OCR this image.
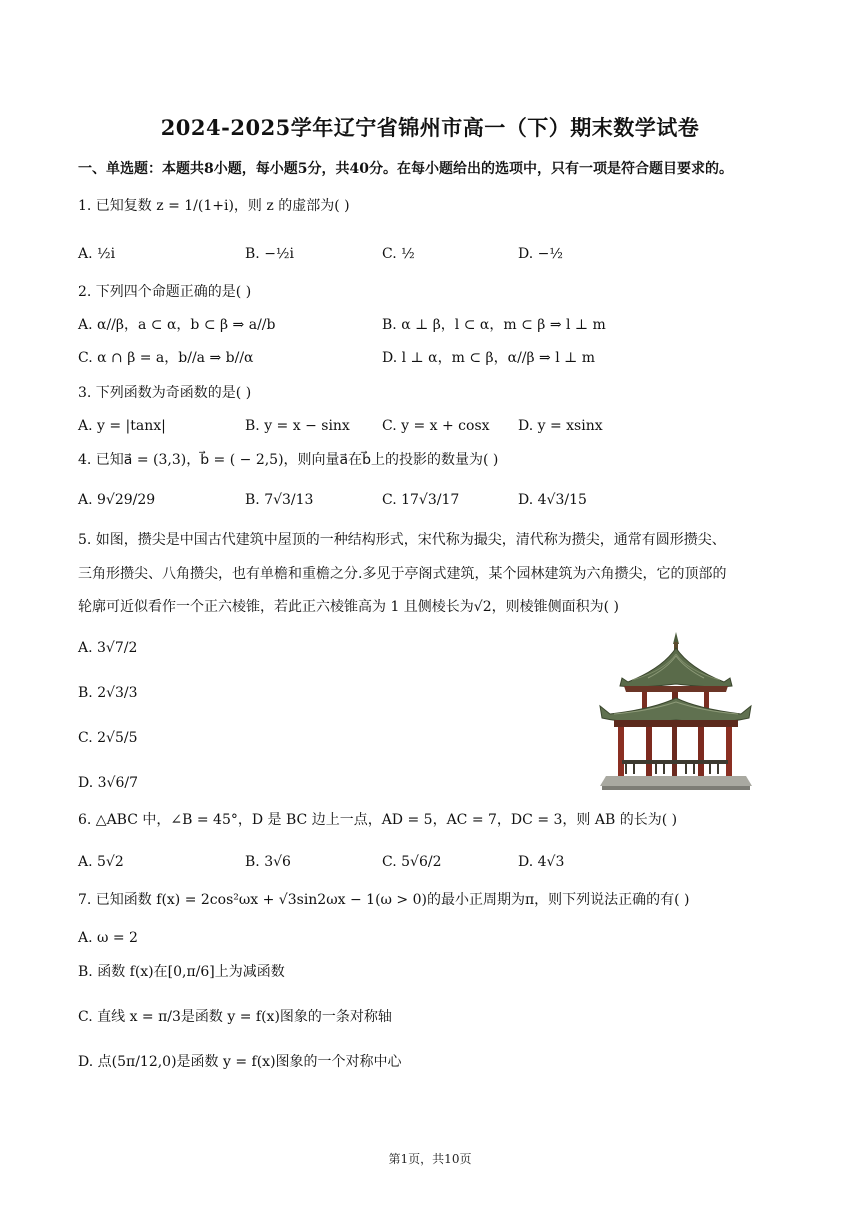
2024-2025学年辽宁省锦州市高一（下）期末数学试卷
一、单选题：本题共8小题，每小题5分，共40分。在每小题给出的选项中，只有一项是符合题目要求的。
1. 已知复数 z = 1/(1+i)，则 z 的虚部为( )
A. ½i	B. −½i	C. ½	D. −½
2. 下列四个命题正确的是( )
A. α//β，a ⊂ α，b ⊂ β ⇒ a//b	B. α ⊥ β，l ⊂ α，m ⊂ β ⇒ l ⊥ m
C. α ∩ β = a，b//a ⇒ b//α	D. l ⊥ α，m ⊂ β，α//β ⇒ l ⊥ m
3. 下列函数为奇函数的是( )
A. y = |tanx|	B. y = x − sinx C. y = x + cosx D. y = xsinx
4. 已知a⃗ = (3,3)，b⃗ = ( − 2,5)，则向量a⃗在b⃗上的投影的数量为( )
A. 9√29/29	B. 7√3/13	C. 17√3/17	D. 4√3/15
5. 如图，攒尖是中国古代建筑中屋顶的一种结构形式，宋代称为撮尖，清代称为攒尖，通常有圆形攒尖、
三角形攒尖、八角攒尖，也有单檐和重檐之分.多见于亭阁式建筑，某个园林建筑为六角攒尖，它的顶部的
轮廓可近似看作一个正六棱锥，若此正六棱锥高为 1 且侧棱长为√2，则棱锥侧面积为( )
A. 3√7/2
B. 2√3/3
C. 2√5/5
D. 3√6/7
6. △ABC 中，∠B = 45°，D 是 BC 边上一点，AD = 5，AC = 7，DC = 3，则 AB 的长为( )
A. 5√2	B. 3√6	C. 5√6/2	D. 4√3
7. 已知函数 f(x) = 2cos²ωx + √3sin2ωx − 1(ω > 0)的最小正周期为π，则下列说法正确的有( )
A. ω = 2
B. 函数 f(x)在[0,π/6]上为减函数
C. 直线 x = π/3是函数 y = f(x)图象的一条对称轴
D. 点(5π/12,0)是函数 y = f(x)图象的一个对称中心
第1页，共10页
